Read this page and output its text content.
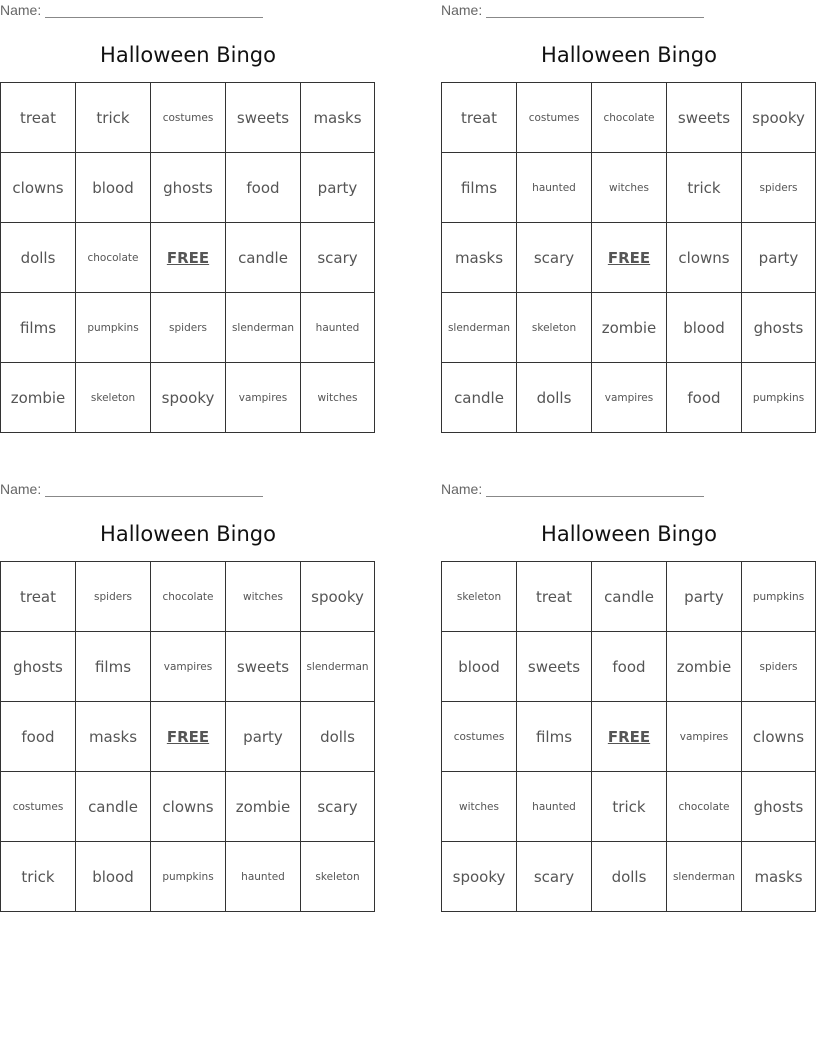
Name:
Halloween Bingo
treat	trick	costumes	sweets	masks
clowns	blood	ghosts	food	party
dolls	chocolate	FREE	candle	scary
films	pumpkins	spiders	slenderman	haunted
zombie	skeleton	spooky	vampires	witches
Name:
Halloween Bingo
treat	costumes	chocolate	sweets	spooky
films	haunted	witches	trick	spiders
masks	scary	FREE	clowns	party
slenderman	skeleton	zombie	blood	ghosts
candle	dolls	vampires	food	pumpkins
Name:
Halloween Bingo
treat	spiders	chocolate	witches	spooky
ghosts	films	vampires	sweets	slenderman
food	masks	FREE	party	dolls
costumes	candle	clowns	zombie	scary
trick	blood	pumpkins	haunted	skeleton
Name:
Halloween Bingo
skeleton	treat	candle	party	pumpkins
blood	sweets	food	zombie	spiders
costumes	films	FREE	vampires	clowns
witches	haunted	trick	chocolate	ghosts
spooky	scary	dolls	slenderman	masks
